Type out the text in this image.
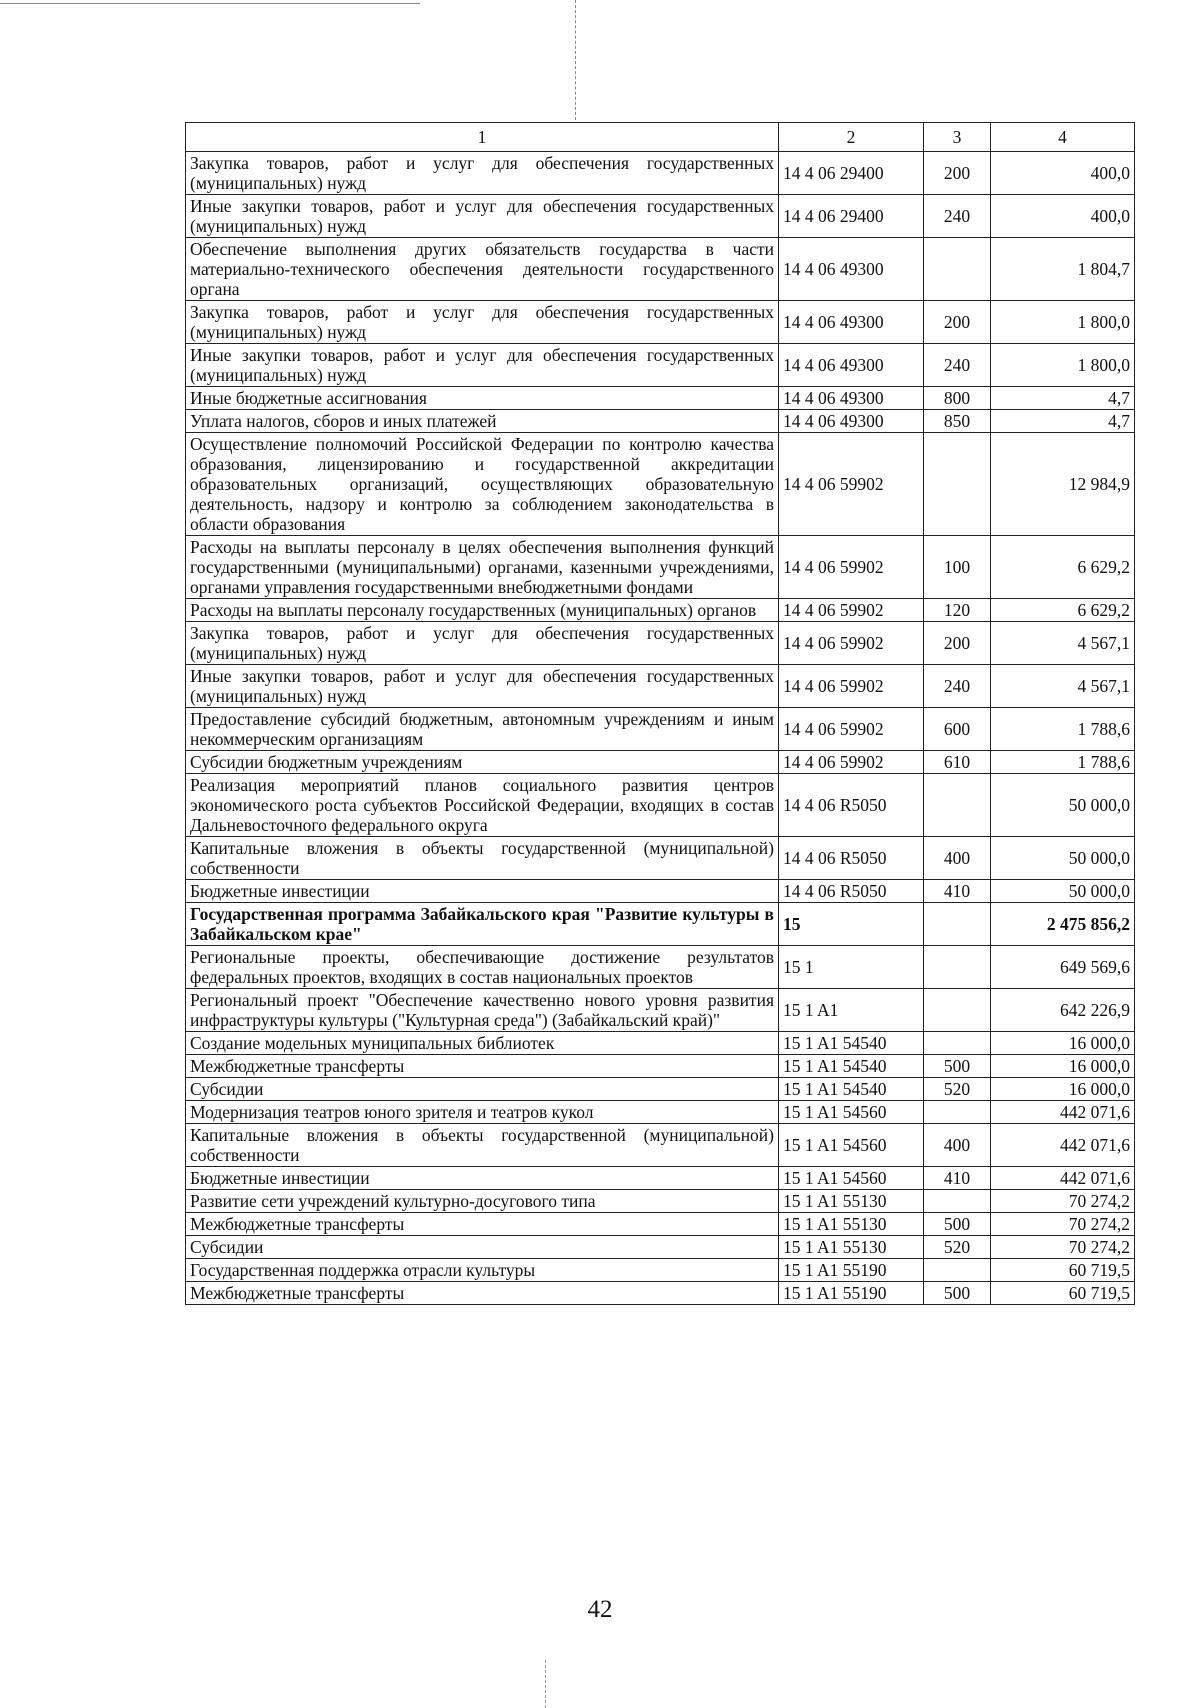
1	2	3	4
Закупка товаров, работ и услуг для обеспечения государственных (муниципальных) нужд	14 4 06 29400	200	400,0
Иные закупки товаров, работ и услуг для обеспечения государственных (муниципальных) нужд	14 4 06 29400	240	400,0
Обеспечение выполнения других обязательств государства в части материально-технического обеспечения деятельности государственного органа	14 4 06 49300		1 804,7
Закупка товаров, работ и услуг для обеспечения государственных (муниципальных) нужд	14 4 06 49300	200	1 800,0
Иные закупки товаров, работ и услуг для обеспечения государственных (муниципальных) нужд	14 4 06 49300	240	1 800,0
Иные бюджетные ассигнования	14 4 06 49300	800	4,7
Уплата налогов, сборов и иных платежей	14 4 06 49300	850	4,7
Осуществление полномочий Российской Федерации по контролю качества образования, лицензированию и государственной аккредитации образовательных организаций, осуществляющих образовательную деятельность, надзору и контролю за соблюдением законодательства в области образования	14 4 06 59902		12 984,9
Расходы на выплаты персоналу в целях обеспечения выполнения функций государственными (муниципальными) органами, казенными учреждениями, органами управления государственными внебюджетными фондами	14 4 06 59902	100	6 629,2
Расходы на выплаты персоналу государственных (муниципальных) органов	14 4 06 59902	120	6 629,2
Закупка товаров, работ и услуг для обеспечения государственных (муниципальных) нужд	14 4 06 59902	200	4 567,1
Иные закупки товаров, работ и услуг для обеспечения государственных (муниципальных) нужд	14 4 06 59902	240	4 567,1
Предоставление субсидий бюджетным, автономным учреждениям и иным некоммерческим организациям	14 4 06 59902	600	1 788,6
Субсидии бюджетным учреждениям	14 4 06 59902	610	1 788,6
Реализация мероприятий планов социального развития центров экономического роста субъектов Российской Федерации, входящих в состав Дальневосточного федерального округа	14 4 06 R5050		50 000,0
Капитальные вложения в объекты государственной (муниципальной) собственности	14 4 06 R5050	400	50 000,0
Бюджетные инвестиции	14 4 06 R5050	410	50 000,0
Государственная программа Забайкальского края "Развитие культуры в Забайкальском крае"	15		2 475 856,2
Региональные проекты, обеспечивающие достижение результатов федеральных проектов, входящих в состав национальных проектов	15 1		649 569,6
Региональный проект "Обеспечение качественно нового уровня развития инфраструктуры культуры ("Культурная среда") (Забайкальский край)"	15 1 A1		642 226,9
Создание модельных муниципальных библиотек	15 1 A1 54540		16 000,0
Межбюджетные трансферты	15 1 A1 54540	500	16 000,0
Субсидии	15 1 A1 54540	520	16 000,0
Модернизация театров юного зрителя и театров кукол	15 1 A1 54560		442 071,6
Капитальные вложения в объекты государственной (муниципальной) собственности	15 1 A1 54560	400	442 071,6
Бюджетные инвестиции	15 1 A1 54560	410	442 071,6
Развитие сети учреждений культурно-досугового типа	15 1 A1 55130		70 274,2
Межбюджетные трансферты	15 1 A1 55130	500	70 274,2
Субсидии	15 1 A1 55130	520	70 274,2
Государственная поддержка отрасли культуры	15 1 A1 55190		60 719,5
Межбюджетные трансферты	15 1 A1 55190	500	60 719,5
42
